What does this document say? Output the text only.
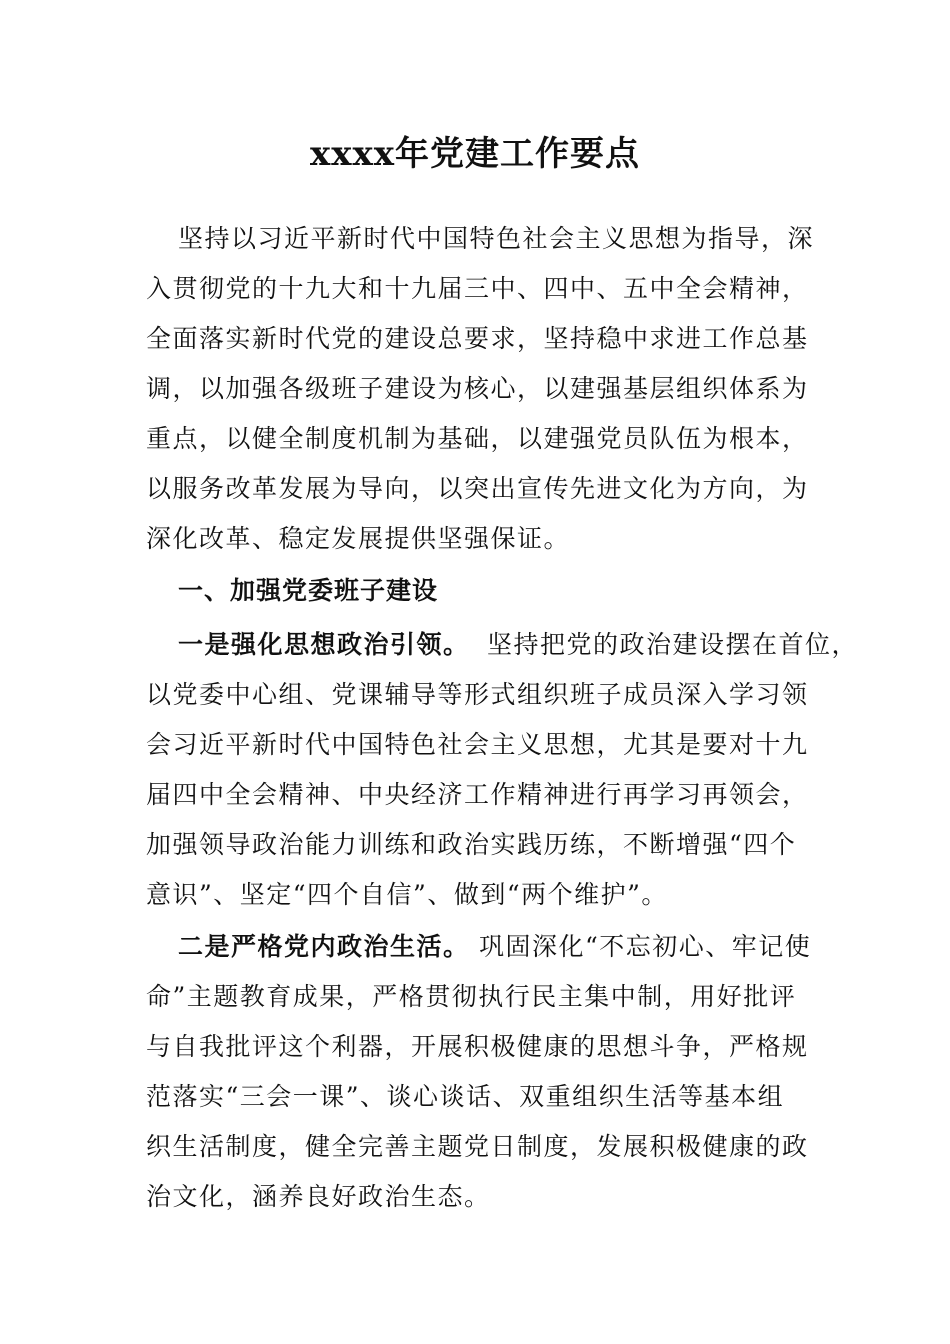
xxxx年党建工作要点
坚持以习近平新时代中国特色社会主义思想为指导，深
入贯彻党的十九大和十九届三中、四中、五中全会精神，
全面落实新时代党的建设总要求，坚持稳中求进工作总基
调，以加强各级班子建设为核心，以建强基层组织体系为
重点，以健全制度机制为基础，以建强党员队伍为根本，
以服务改革发展为导向，以突出宣传先进文化为方向，为
深化改革、稳定发展提供坚强保证。
一、加强党委班子建设
一是强化思想政治引领。 坚持把党的政治建设摆在首位，
以党委中心组、党课辅导等形式组织班子成员深入学习领
会习近平新时代中国特色社会主义思想，尤其是要对十九
届四中全会精神、中央经济工作精神进行再学习再领会，
加强领导政治能力训练和政治实践历练，不断增强“四个
意识”、坚定“四个自信”、做到“两个维护”。
二是严格党内政治生活。 巩固深化“不忘初心、牢记使
命”主题教育成果，严格贯彻执行民主集中制，用好批评
与自我批评这个利器，开展积极健康的思想斗争，严格规
范落实“三会一课”、谈心谈话、双重组织生活等基本组
织生活制度，健全完善主题党日制度，发展积极健康的政
治文化，涵养良好政治生态。
